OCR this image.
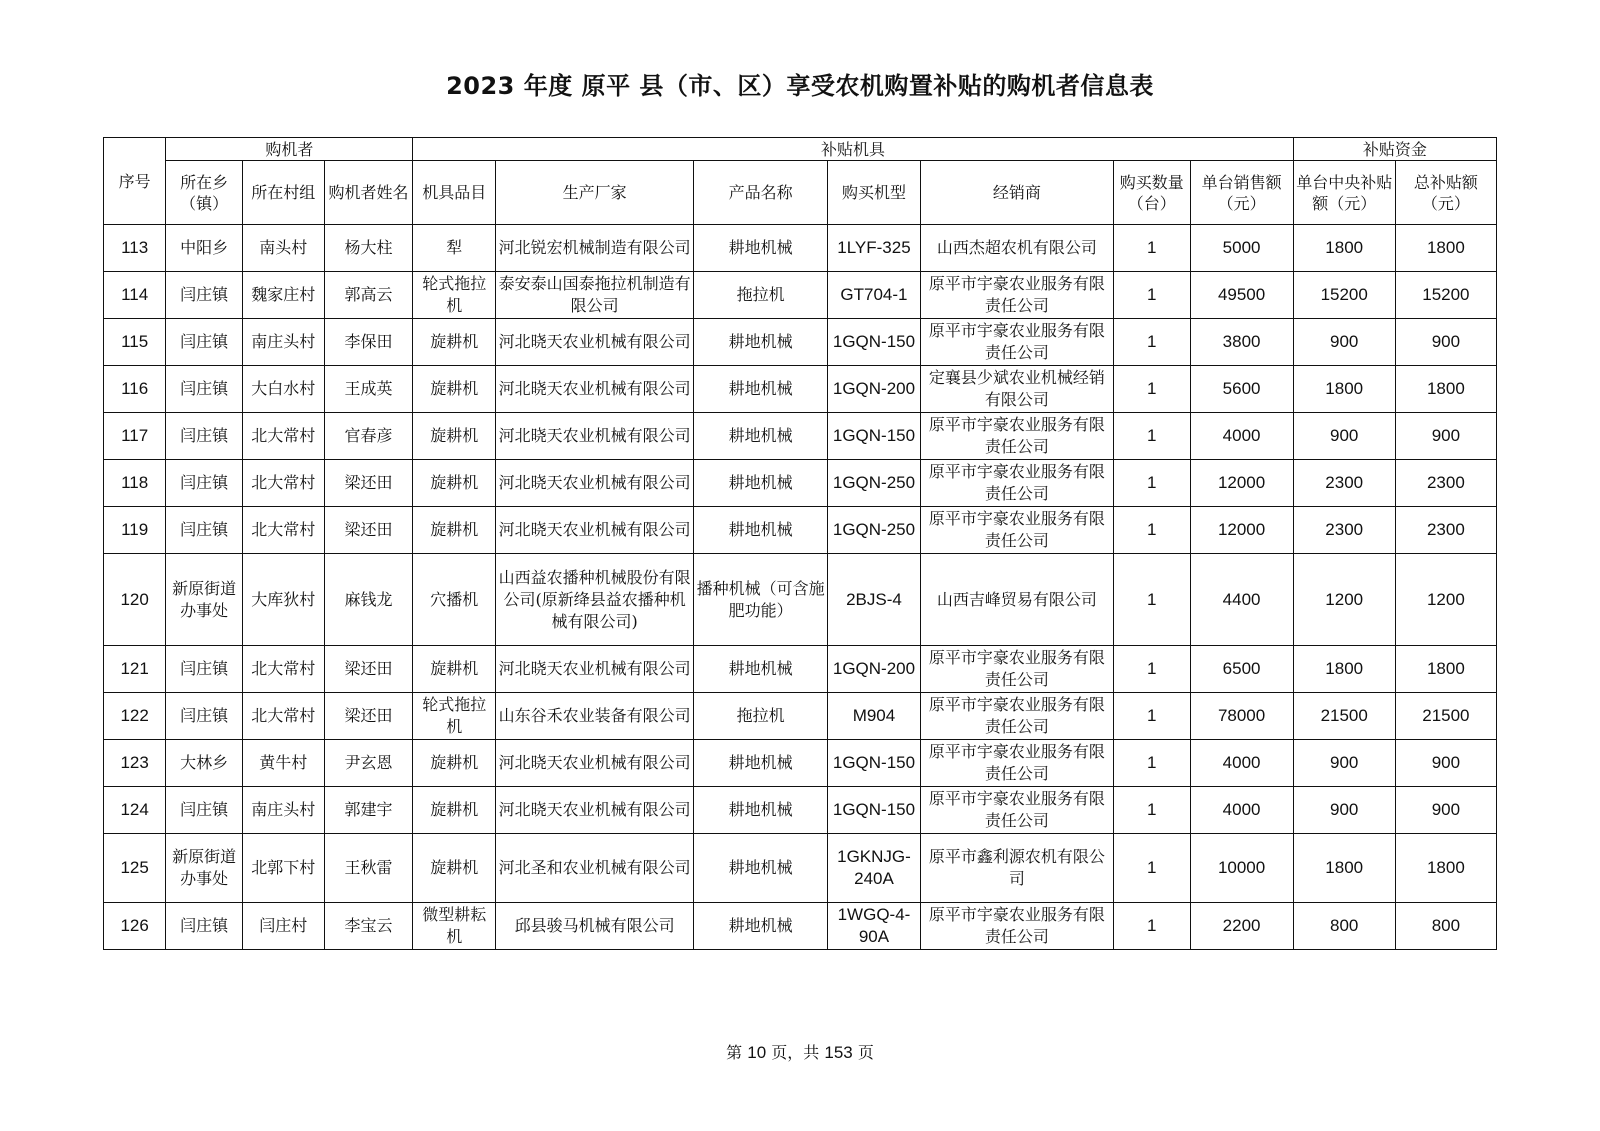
2023 年度 原平 县（市、区）享受农机购置补贴的购机者信息表
序号	购机者			补贴机具							补贴资金	
	所在乡（镇）	所在村组	购机者姓名	机具品目	生产厂家	产品名称	购买机型	经销商	购买数量（台）	单台销售额（元）	单台中央补贴额（元）	总补贴额（元）
113	中阳乡	南头村	杨大柱	犁	河北锐宏机械制造有限公司	耕地机械	1LYF-325	山西杰超农机有限公司	1	5000	1800	1800
114	闫庄镇	魏家庄村	郭高云	轮式拖拉机	泰安泰山国泰拖拉机制造有限公司	拖拉机	GT704-1	原平市宇豪农业服务有限责任公司	1	49500	15200	15200
115	闫庄镇	南庄头村	李保田	旋耕机	河北晓天农业机械有限公司	耕地机械	1GQN-150	原平市宇豪农业服务有限责任公司	1	3800	900	900
116	闫庄镇	大白水村	王成英	旋耕机	河北晓天农业机械有限公司	耕地机械	1GQN-200	定襄县少斌农业机械经销有限公司	1	5600	1800	1800
117	闫庄镇	北大常村	官春彦	旋耕机	河北晓天农业机械有限公司	耕地机械	1GQN-150	原平市宇豪农业服务有限责任公司	1	4000	900	900
118	闫庄镇	北大常村	梁还田	旋耕机	河北晓天农业机械有限公司	耕地机械	1GQN-250	原平市宇豪农业服务有限责任公司	1	12000	2300	2300
119	闫庄镇	北大常村	梁还田	旋耕机	河北晓天农业机械有限公司	耕地机械	1GQN-250	原平市宇豪农业服务有限责任公司	1	12000	2300	2300
120	新原街道办事处	大库狄村	麻钱龙	穴播机	山西益农播种机械股份有限公司(原新绛县益农播种机械有限公司)	播种机械（可含施肥功能）	2BJS-4	山西吉峰贸易有限公司	1	4400	1200	1200
121	闫庄镇	北大常村	梁还田	旋耕机	河北晓天农业机械有限公司	耕地机械	1GQN-200	原平市宇豪农业服务有限责任公司	1	6500	1800	1800
122	闫庄镇	北大常村	梁还田	轮式拖拉机	山东谷禾农业装备有限公司	拖拉机	M904	原平市宇豪农业服务有限责任公司	1	78000	21500	21500
123	大林乡	黄牛村	尹玄恩	旋耕机	河北晓天农业机械有限公司	耕地机械	1GQN-150	原平市宇豪农业服务有限责任公司	1	4000	900	900
124	闫庄镇	南庄头村	郭建宇	旋耕机	河北晓天农业机械有限公司	耕地机械	1GQN-150	原平市宇豪农业服务有限责任公司	1	4000	900	900
125	新原街道办事处	北郭下村	王秋雷	旋耕机	河北圣和农业机械有限公司	耕地机械	1GKNJG-240A	原平市鑫利源农机有限公司	1	10000	1800	1800
126	闫庄镇	闫庄村	李宝云	微型耕耘机	邱县骏马机械有限公司	耕地机械	1WGQ-4-90A	原平市宇豪农业服务有限责任公司	1	2200	800	800
第 10 页，共 153 页
